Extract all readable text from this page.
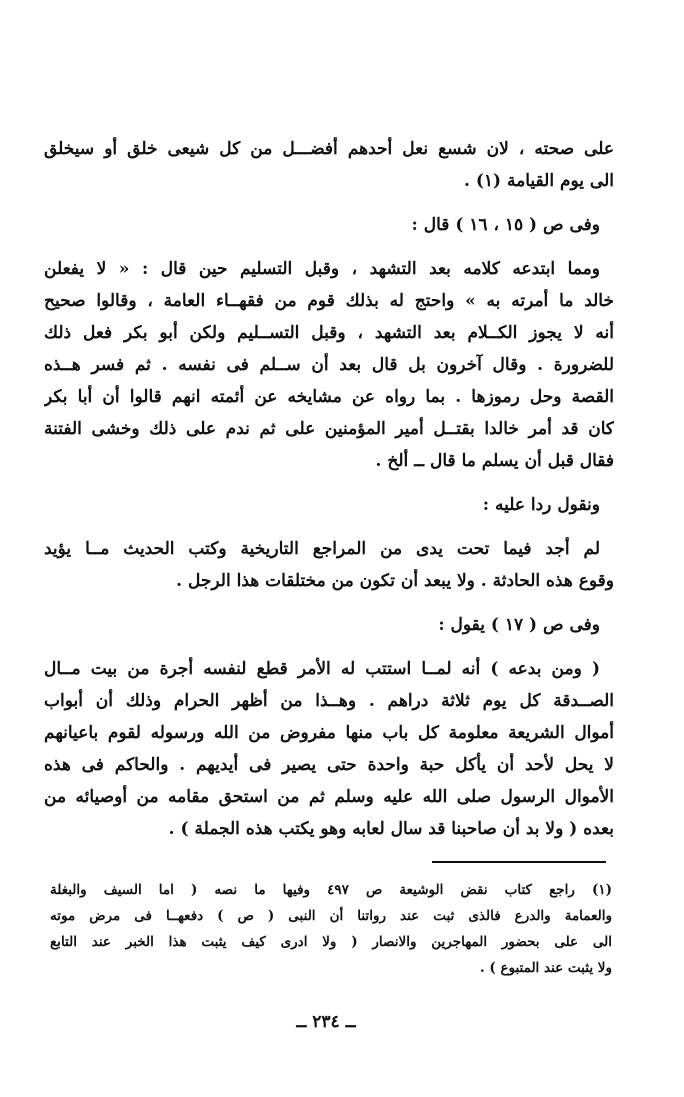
على صحته ، لان شسع نعل أحدهم أفضـــل من كل شيعى خلق أو سيخلق
الى يوم القيامة (١) .
وفى ص ( ١٥ ، ١٦ ) قال :
ومما ابتدعه كلامه بعد التشهد ، وقبل التسليم حين قال : « لا يفعلن
خالد ما أمرته به » واحتج له بذلك قوم من فقهــاء العامة ، وقالوا صحيح
أنه لا يجوز الكــلام بعد التشهد ، وقبل التســليم ولكن أبو بكر فعل ذلك
للضرورة . وقال آخرون بل قال بعد أن ســلم فى نفسه . ثم فسر هــذه
القصة وحل رموزها . بما رواه عن مشايخه عن أئمته انهم قالوا أن أبا بكر
كان قد أمر خالدا بقتــل أمير المؤمنين على ثم ندم على ذلك وخشى الفتنة
فقال قبل أن يسلم ما قال ــ ألخ .
ونقول ردا عليه :
لم أجد فيما تحت يدى من المراجع التاريخية وكتب الحديث مــا يؤيد
وقوع هذه الحادثة . ولا يبعد أن تكون من مختلقات هذا الرجل .
وفى ص ( ١٧ ) يقول :
( ومن بدعه ) أنه لمــا استتب له الأمر قطع لنفسه أجرة من بيت مــال
الصــدقة كل يوم ثلاثة دراهم . وهــذا من أظهر الحرام وذلك أن أبواب
أموال الشريعة معلومة كل باب منها مفروض من الله ورسوله لقوم باعيانهم
لا يحل لأحد أن يأكل حبة واحدة حتى يصير فى أيديهم . والحاكم فى هذه
الأموال الرسول صلى الله عليه وسلم ثم من استحق مقامه من أوصيائه من
بعده ( ولا بد أن صاحبنا قد سال لعابه وهو يكتب هذه الجملة ) .
(١) راجع كتاب نقض الوشيعة ص ٤٩٧ وفيها ما نصه ( اما السيف والبغلة
والعمامة والدرع فالذى ثبت عند رواتنا أن النبى ( ص ) دفعهــا فى مرض موته
الى على بحضور المهاجرين والانصار ( ولا ادرى كيف يثبت هذا الخبر عند التابع
ولا يثبت عند المتبوع ) .
ــ ٢٣٤ ــ
